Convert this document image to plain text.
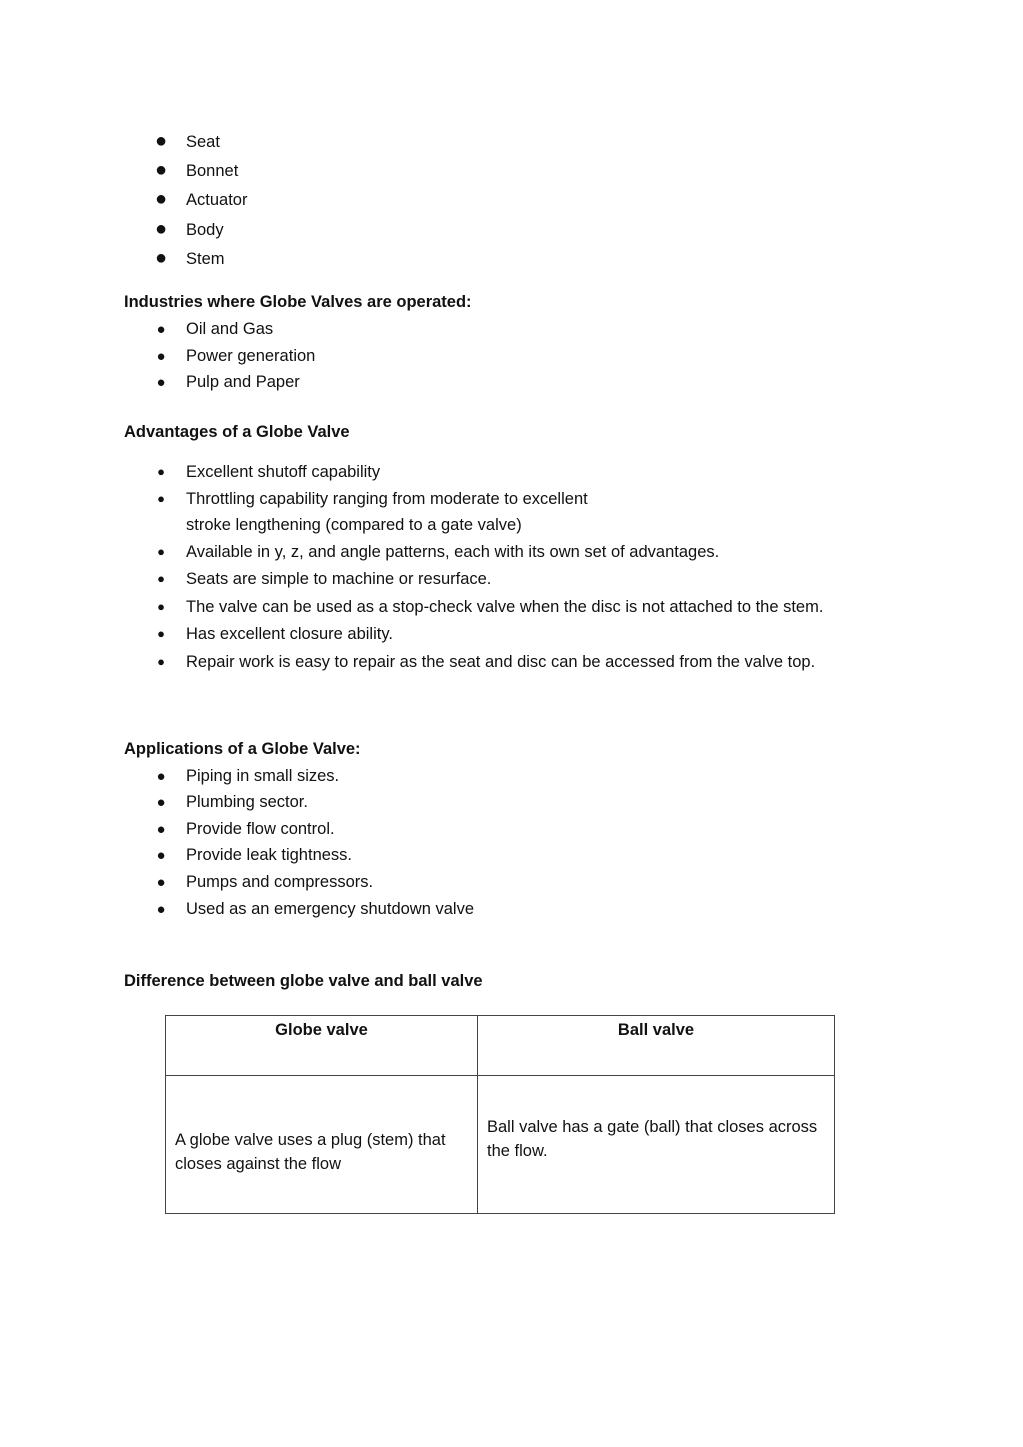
● Seat
● Bonnet
● Actuator
● Body
● Stem
Industries where Globe Valves are operated:
● Oil and Gas
● Power generation
● Pulp and Paper
Advantages of a Globe Valve
● Excellent shutoff capability
● Throttling capability ranging from moderate to excellent
stroke lengthening (compared to a gate valve)
● Available in y, z, and angle patterns, each with its own set of advantages.
● Seats are simple to machine or resurface.
● The valve can be used as a stop-check valve when the disc is not attached to the stem.
● Has excellent closure ability.
● Repair work is easy to repair as the seat and disc can be accessed from the valve top.
Applications of a Globe Valve:
● Piping in small sizes.
● Plumbing sector.
● Provide flow control.
● Provide leak tightness.
● Pumps and compressors.
● Used as an emergency shutdown valve
Difference between globe valve and ball valve
Globe valve	Ball valve
A globe valve uses a plug (stem) that closes against the flow	Ball valve has a gate (ball) that closes across the flow.
